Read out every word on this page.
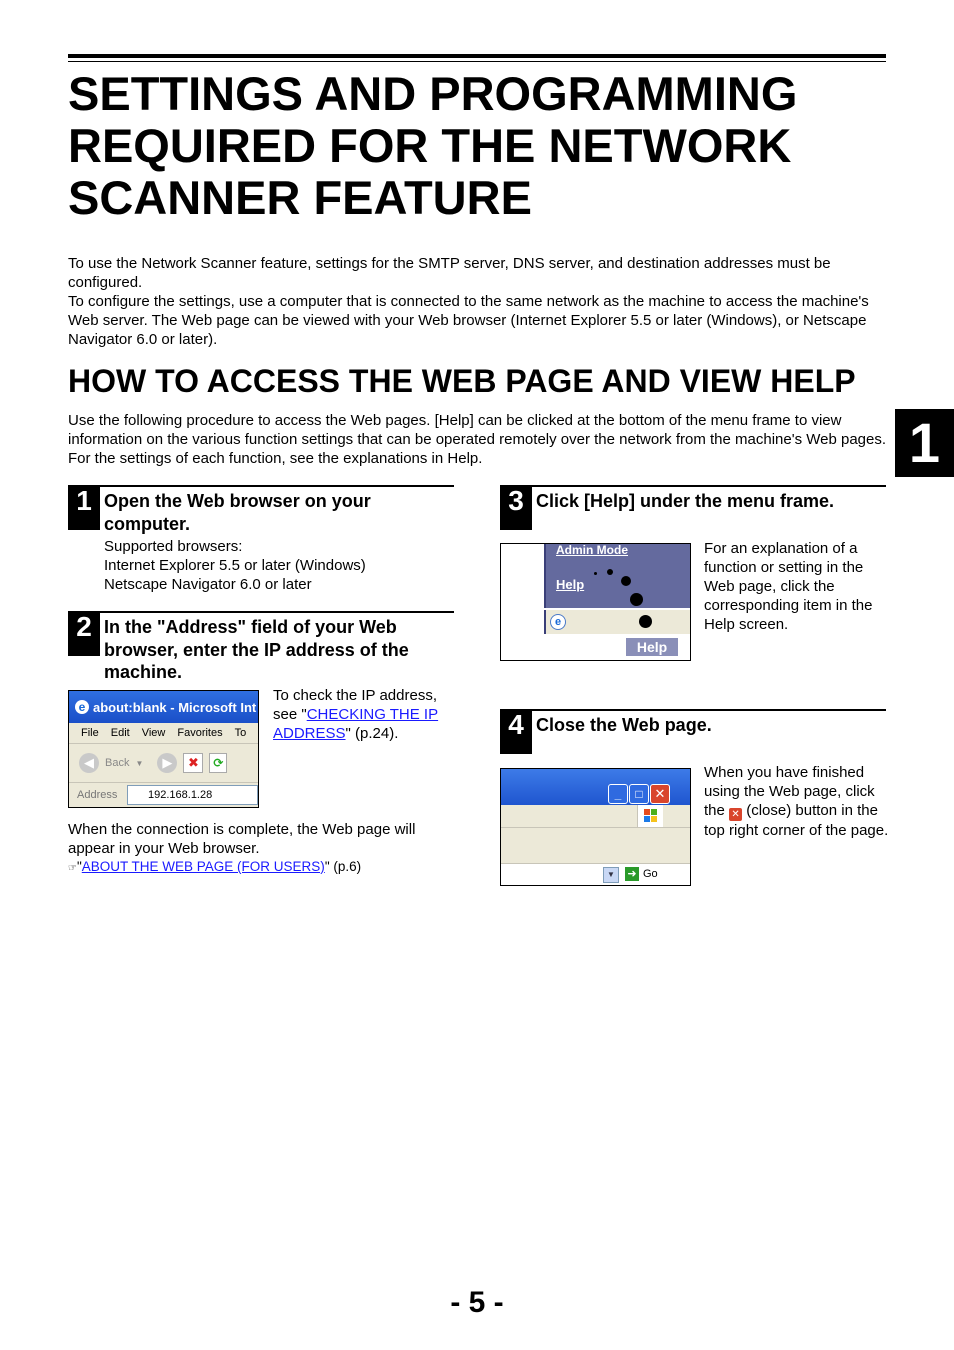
SETTINGS AND PROGRAMMING
REQUIRED FOR THE NETWORK
SCANNER FEATURE

To use the Network Scanner feature, settings for the SMTP server, DNS server, and destination addresses must be configured.

To configure the settings, use a computer that is connected to the same network as the machine to access the machine's Web server. The Web page can be viewed with your Web browser (Internet Explorer 5.5 or later (Windows), or Netscape Navigator 6.0 or later).

HOW TO ACCESS THE WEB PAGE AND VIEW HELP

Use the following procedure to access the Web pages. [Help] can be clicked at the bottom of the menu frame to view information on the various function settings that can be operated remotely over the network from the machine's Web pages. For the settings of each function, see the explanations in Help.	1
1 Open the Web browser on your computer.

Supported browsers:
Internet Explorer 5.5 or later (Windows)
Netscape Navigator 6.0 or later
2 In the "Address" field of your Web browser, enter the IP address of the machine.

e about:blank - Microsoft Int
File Edit View Favorites To
◀	Back ▼	▶	✖	⟳
Address	192.168.1.28

To check the IP address, see "CHECKING THE IP ADDRESS" (p.24).

When the connection is complete, the Web page will appear in your Web browser.

☞"ABOUT THE WEB PAGE (FOR USERS)" (p.6)

3 Click [Help] under the menu frame.

Admin Mode
Help
e
Help

For an explanation of a function or setting in the Web page, click the corresponding item in the Help screen.

4 Close the Web page.

_	□ ✕
▼	➜ Go

When you have finished using the Web page, click the ✕ (close) button in the top right corner of the page.

- 5 -
